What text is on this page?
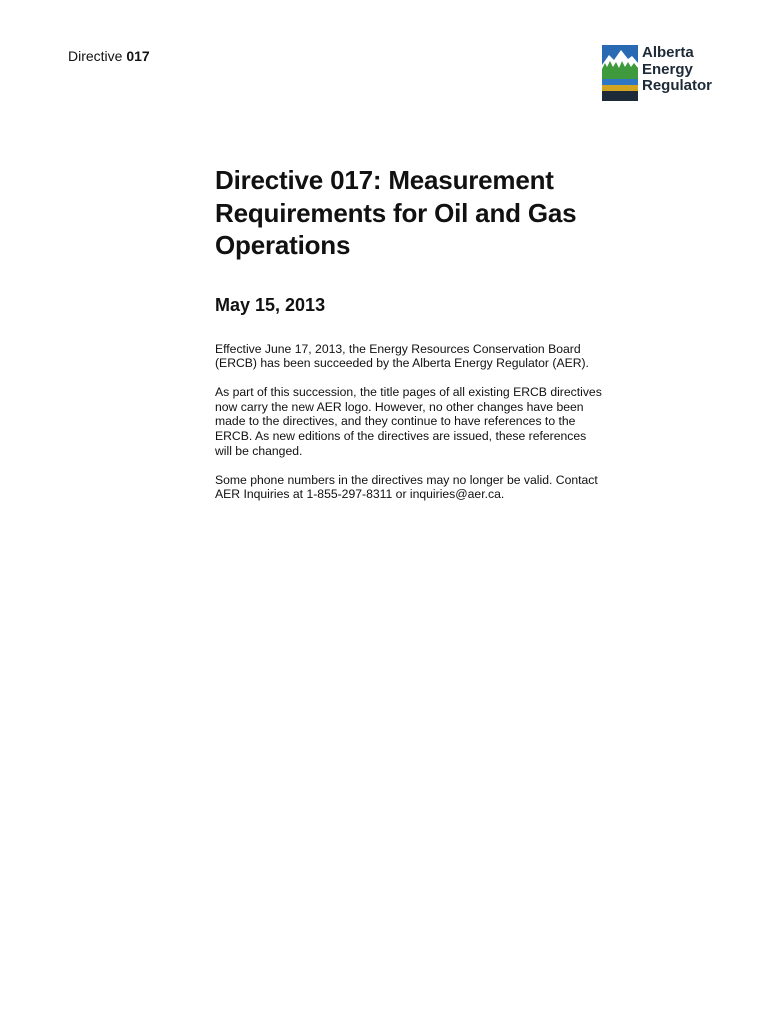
Directive 017	Alberta
Energy
Regulator
Directive 017: Measurement
Requirements for Oil and Gas
Operations
May 15, 2013

Effective June 17, 2013, the Energy Resources Conservation Board
(ERCB) has been succeeded by the Alberta Energy Regulator (AER).

As part of this succession, the title pages of all existing ERCB directives
now carry the new AER logo. However, no other changes have been
made to the directives, and they continue to have references to the
ERCB. As new editions of the directives are issued, these references
will be changed.

Some phone numbers in the directives may no longer be valid. Contact
AER Inquiries at 1-855-297-8311 or inquiries@aer.ca.
